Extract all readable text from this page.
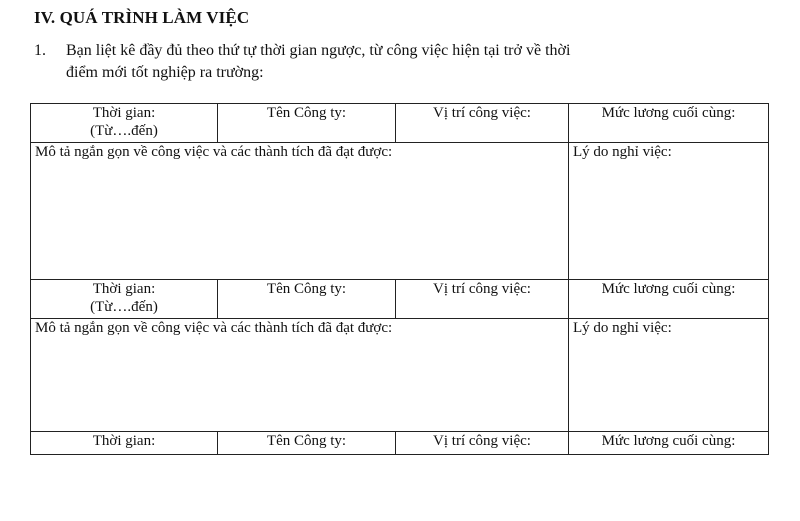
IV. QUÁ TRÌNH LÀM VIỆC
1. Bạn liệt kê đầy đủ theo thứ tự thời gian ngược, từ công việc hiện tại trở về thời
điểm mới tốt nghiệp ra trường:
Thời gian:
(Từ….đến)	Tên Công ty:	Vị trí công việc:	Mức lương cuối cùng:
Mô tả ngắn gọn về công việc và các thành tích đã đạt được:			Lý do nghỉ việc:

Thời gian:
(Từ….đến)	Tên Công ty:	Vị trí công việc:	Mức lương cuối cùng:
Mô tả ngắn gọn về công việc và các thành tích đã đạt được:			Lý do nghỉ việc:
Thời gian:	Tên Công ty:	Vị trí công việc:	Mức lương cuối cùng:
